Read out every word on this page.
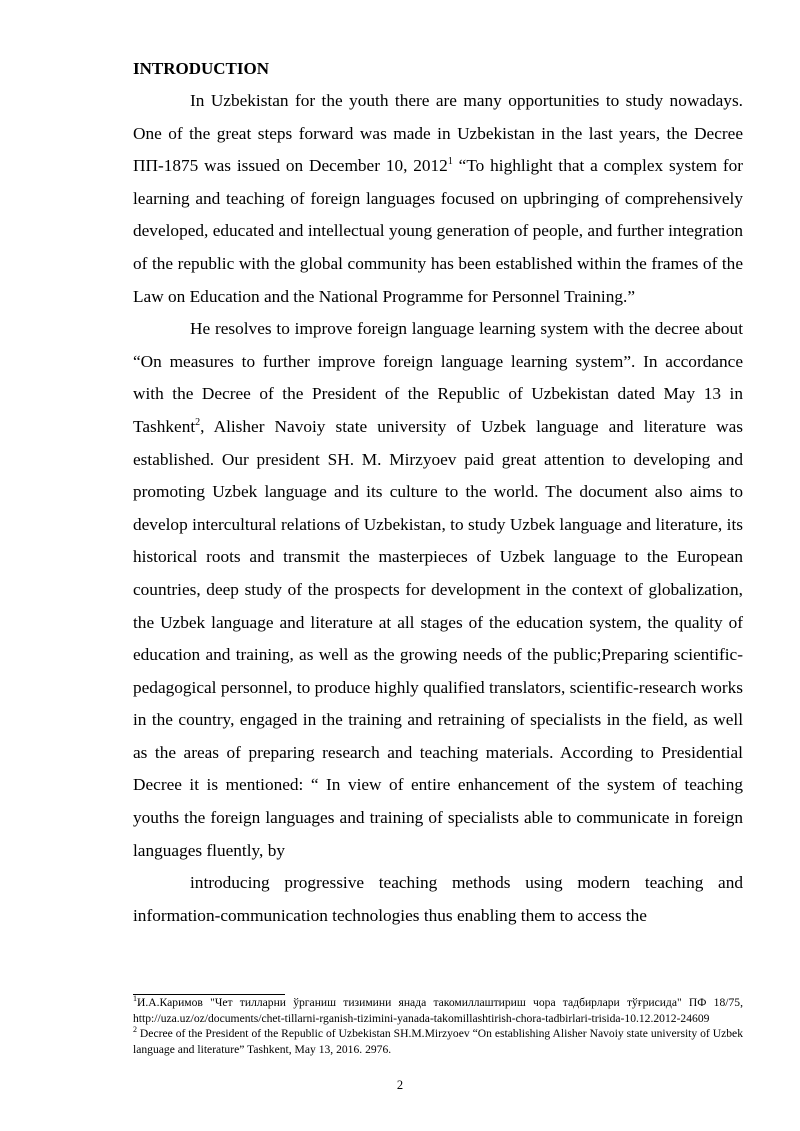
INTRODUCTION

In Uzbekistan for the youth there are many opportunities to study nowadays. One of the great steps forward was made in Uzbekistan in the last years, the Decree ПП-1875 was issued on December 10, 2012$^1$ “To highlight that a complex system for learning and teaching of foreign languages focused on upbringing of comprehensively developed, educated and intellectual young generation of people, and further integration of the republic with the global community has been established within the frames of the Law on Education and the National Programme for Personnel Training.”

He resolves to improve foreign language learning system with the decree about “On measures to further improve foreign language learning system”. In accordance with the Decree of the President of the Republic of Uzbekistan dated May 13 in Tashkent$^2$, Alisher Navoiy state university of Uzbek language and literature was established. Our president SH. M. Mirzyoev paid great attention to developing and promoting Uzbek language and its culture to the world. The document also aims to develop intercultural relations of Uzbekistan, to study Uzbek language and literature, its historical roots and transmit the masterpieces of Uzbek language to the European countries, deep study of the prospects for development in the context of globalization, the Uzbek language and literature at all stages of the education system, the quality of education and training, as well as the growing needs of the public;Preparing scientific-pedagogical personnel, to produce highly qualified translators, scientific-research works in the country, engaged in the training and retraining of specialists in the field, as well as the areas of preparing research and teaching materials. According to Presidential Decree it is mentioned: “ In view of entire enhancement of the system of teaching youths the foreign languages and training of specialists able to communicate in foreign languages fluently, by

introducing progressive teaching methods using modern teaching and information-communication technologies thus enabling them to access the

$^1$И.А.Каримов "Чет тилларни ўрганиш тизимини янада такомиллаштириш чора тадбирлари тўғрисида" ПФ 18/75, http://uza.uz/oz/documents/chet-tillarni-rganish-tizimini-yanada-takomillashtirish-chora-tadbirlari-trisida-10.12.2012-24609

$^2$ Decree of the President of the Republic of Uzbekistan SH.M.Mirzyoev “On establishing Alisher Navoiy state university of Uzbek language and literature” Tashkent, May 13, 2016. 2976.

2
